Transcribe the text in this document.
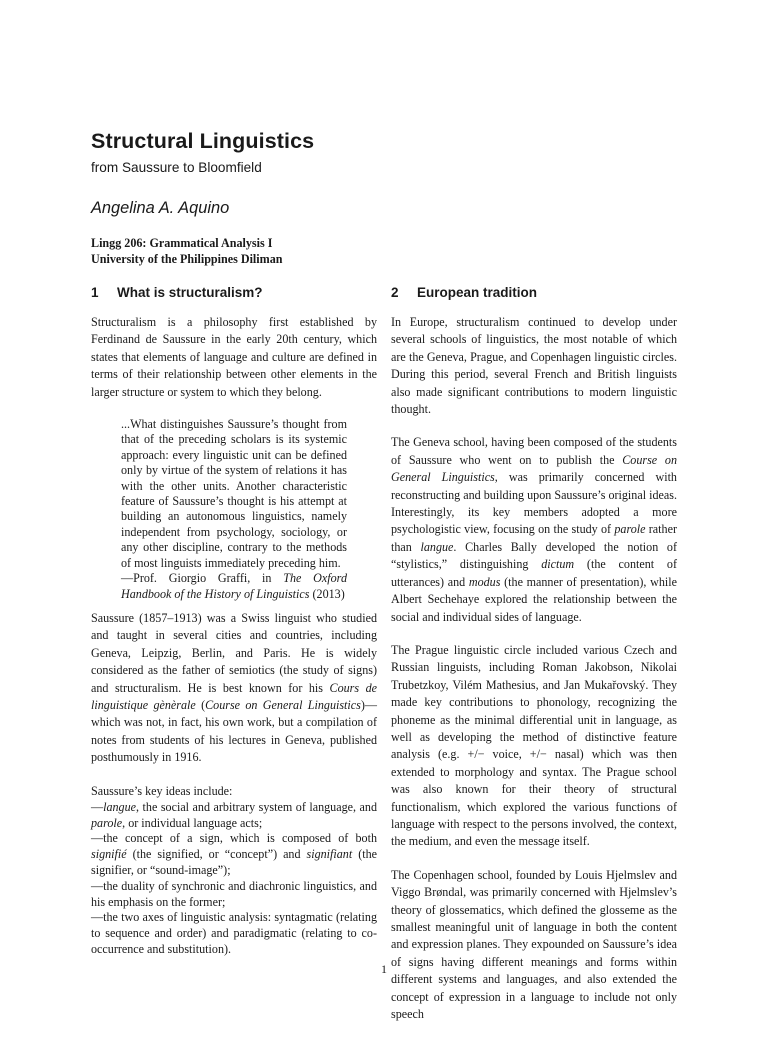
Structural Linguistics
from Saussure to Bloomfield
Angelina A. Aquino
Lingg 206: Grammatical Analysis I
University of the Philippines Diliman
1 What is structuralism?

Structuralism is a philosophy first established by Ferdinand de Saussure in the early 20th century, which states that elements of language and culture are defined in terms of their relationship between other elements in the larger structure or system to which they belong.

...What distinguishes Saussure’s thought from that of the preceding scholars is its systemic approach: every linguistic unit can be defined only by virtue of the system of relations it has with the other units. Another characteristic feature of Saussure’s thought is his attempt at building an autonomous linguistics, namely independent from psychology, sociology, or any other discipline, contrary to the methods of most linguists immediately preceding him.
—Prof. Giorgio Graffi, in The Oxford Handbook of the History of Linguistics (2013)

Saussure (1857–1913) was a Swiss linguist who studied and taught in several cities and countries, including Geneva, Leipzig, Berlin, and Paris. He is widely considered as the father of semiotics (the study of signs) and structuralism. He is best known for his Cours de linguistique gènèrale (Course on General Linguistics)—which was not, in fact, his own work, but a compilation of notes from students of his lectures in Geneva, published posthumously in 1916.

Saussure’s key ideas include:
—langue, the social and arbitrary system of language, and parole, or individual language acts;
—the concept of a sign, which is composed of both signifié (the signified, or “concept”) and signifiant (the signifier, or “sound-image”);
—the duality of synchronic and diachronic linguistics, and his emphasis on the former;
—the two axes of linguistic analysis: syntagmatic (relating to sequence and order) and paradigmatic (relating to co-occurrence and substitution).
2 European tradition

In Europe, structuralism continued to develop under several schools of linguistics, the most notable of which are the Geneva, Prague, and Copenhagen linguistic circles. During this period, several French and British linguists also made significant contributions to modern linguistic thought.

The Geneva school, having been composed of the students of Saussure who went on to publish the Course on General Linguistics, was primarily concerned with reconstructing and building upon Saussure’s original ideas. Interestingly, its key members adopted a more psychologistic view, focusing on the study of parole rather than langue. Charles Bally developed the notion of “stylistics,” distinguishing dictum (the content of utterances) and modus (the manner of presentation), while Albert Sechehaye explored the relationship between the social and individual sides of language.

The Prague linguistic circle included various Czech and Russian linguists, including Roman Jakobson, Nikolai Trubetzkoy, Vilém Mathesius, and Jan Mukařovský. They made key contributions to phonology, recognizing the phoneme as the minimal differential unit in language, as well as developing the method of distinctive feature analysis (e.g. +/− voice, +/− nasal) which was then extended to morphology and syntax. The Prague school was also known for their theory of structural functionalism, which explored the various functions of language with respect to the persons involved, the context, the medium, and even the message itself.

The Copenhagen school, founded by Louis Hjelmslev and Viggo Brøndal, was primarily concerned with Hjelmslev’s theory of glossematics, which defined the glosseme as the smallest meaningful unit of language in both the content and expression planes. They expounded on Saussure’s idea of signs having different meanings and forms within different systems and languages, and also extended the concept of expression in a language to include not only speech

1
